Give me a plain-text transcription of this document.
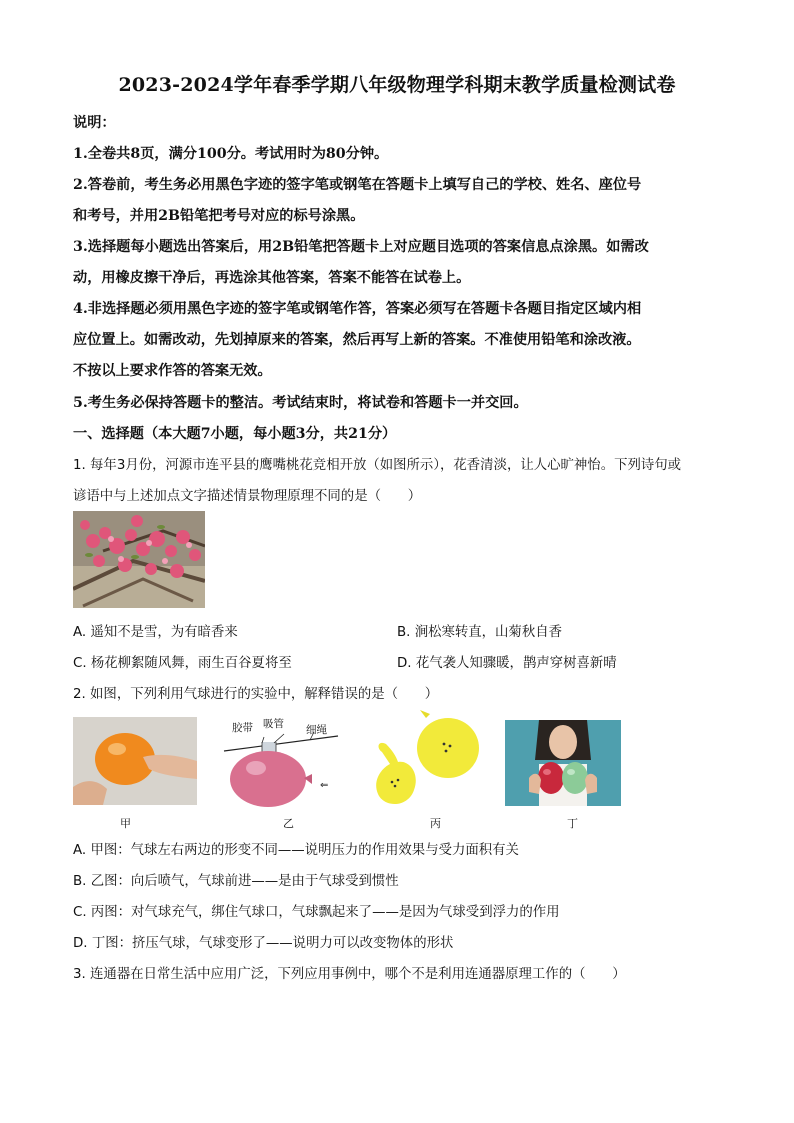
2023-2024学年春季学期八年级物理学科期末教学质量检测试卷
说明：
1.全卷共8页，满分100分。考试用时为80分钟。
2.答卷前，考生务必用黑色字迹的签字笔或钢笔在答题卡上填写自己的学校、姓名、座位号
和考号，并用2B铅笔把考号对应的标号涂黑。
3.选择题每小题选出答案后，用2B铅笔把答题卡上对应题目选项的答案信息点涂黑。如需改
动，用橡皮擦干净后，再选涂其他答案，答案不能答在试卷上。
4.非选择题必须用黑色字迹的签字笔或钢笔作答，答案必须写在答题卡各题目指定区域内相
应位置上。如需改动，先划掉原来的答案，然后再写上新的答案。不准使用铅笔和涂改液。
不按以上要求作答的答案无效。
5.考生务必保持答题卡的整洁。考试结束时，将试卷和答题卡一并交回。
一、选择题（本大题7小题，每小题3分，共21分）
1. 每年3月份，河源市连平县的鹰嘴桃花竞相开放（如图所示），花香清淡，让人心旷神怡。下列诗句或
谚语中与上述加点文字描述情景物理原理不同的是（　　）
A. 遥知不是雪，为有暗香来	B. 涧松寒转直，山菊秋自香
C. 杨花柳絮随风舞，雨生百谷夏将至	D. 花气袭人知骤暖，鹊声穿树喜新晴
2. 如图，下列利用气球进行的实验中，解释错误的是（　　）
⇐
胶带 吸管 细绳
甲	乙	丙	丁
A. 甲图：气球左右两边的形变不同——说明压力的作用效果与受力面积有关
B. 乙图：向后喷气，气球前进——是由于气球受到惯性
C. 丙图：对气球充气，绑住气球口，气球飘起来了——是因为气球受到浮力的作用
D. 丁图：挤压气球，气球变形了——说明力可以改变物体的形状
3. 连通器在日常生活中应用广泛，下列应用事例中，哪个不是利用连通器原理工作的（　　）
